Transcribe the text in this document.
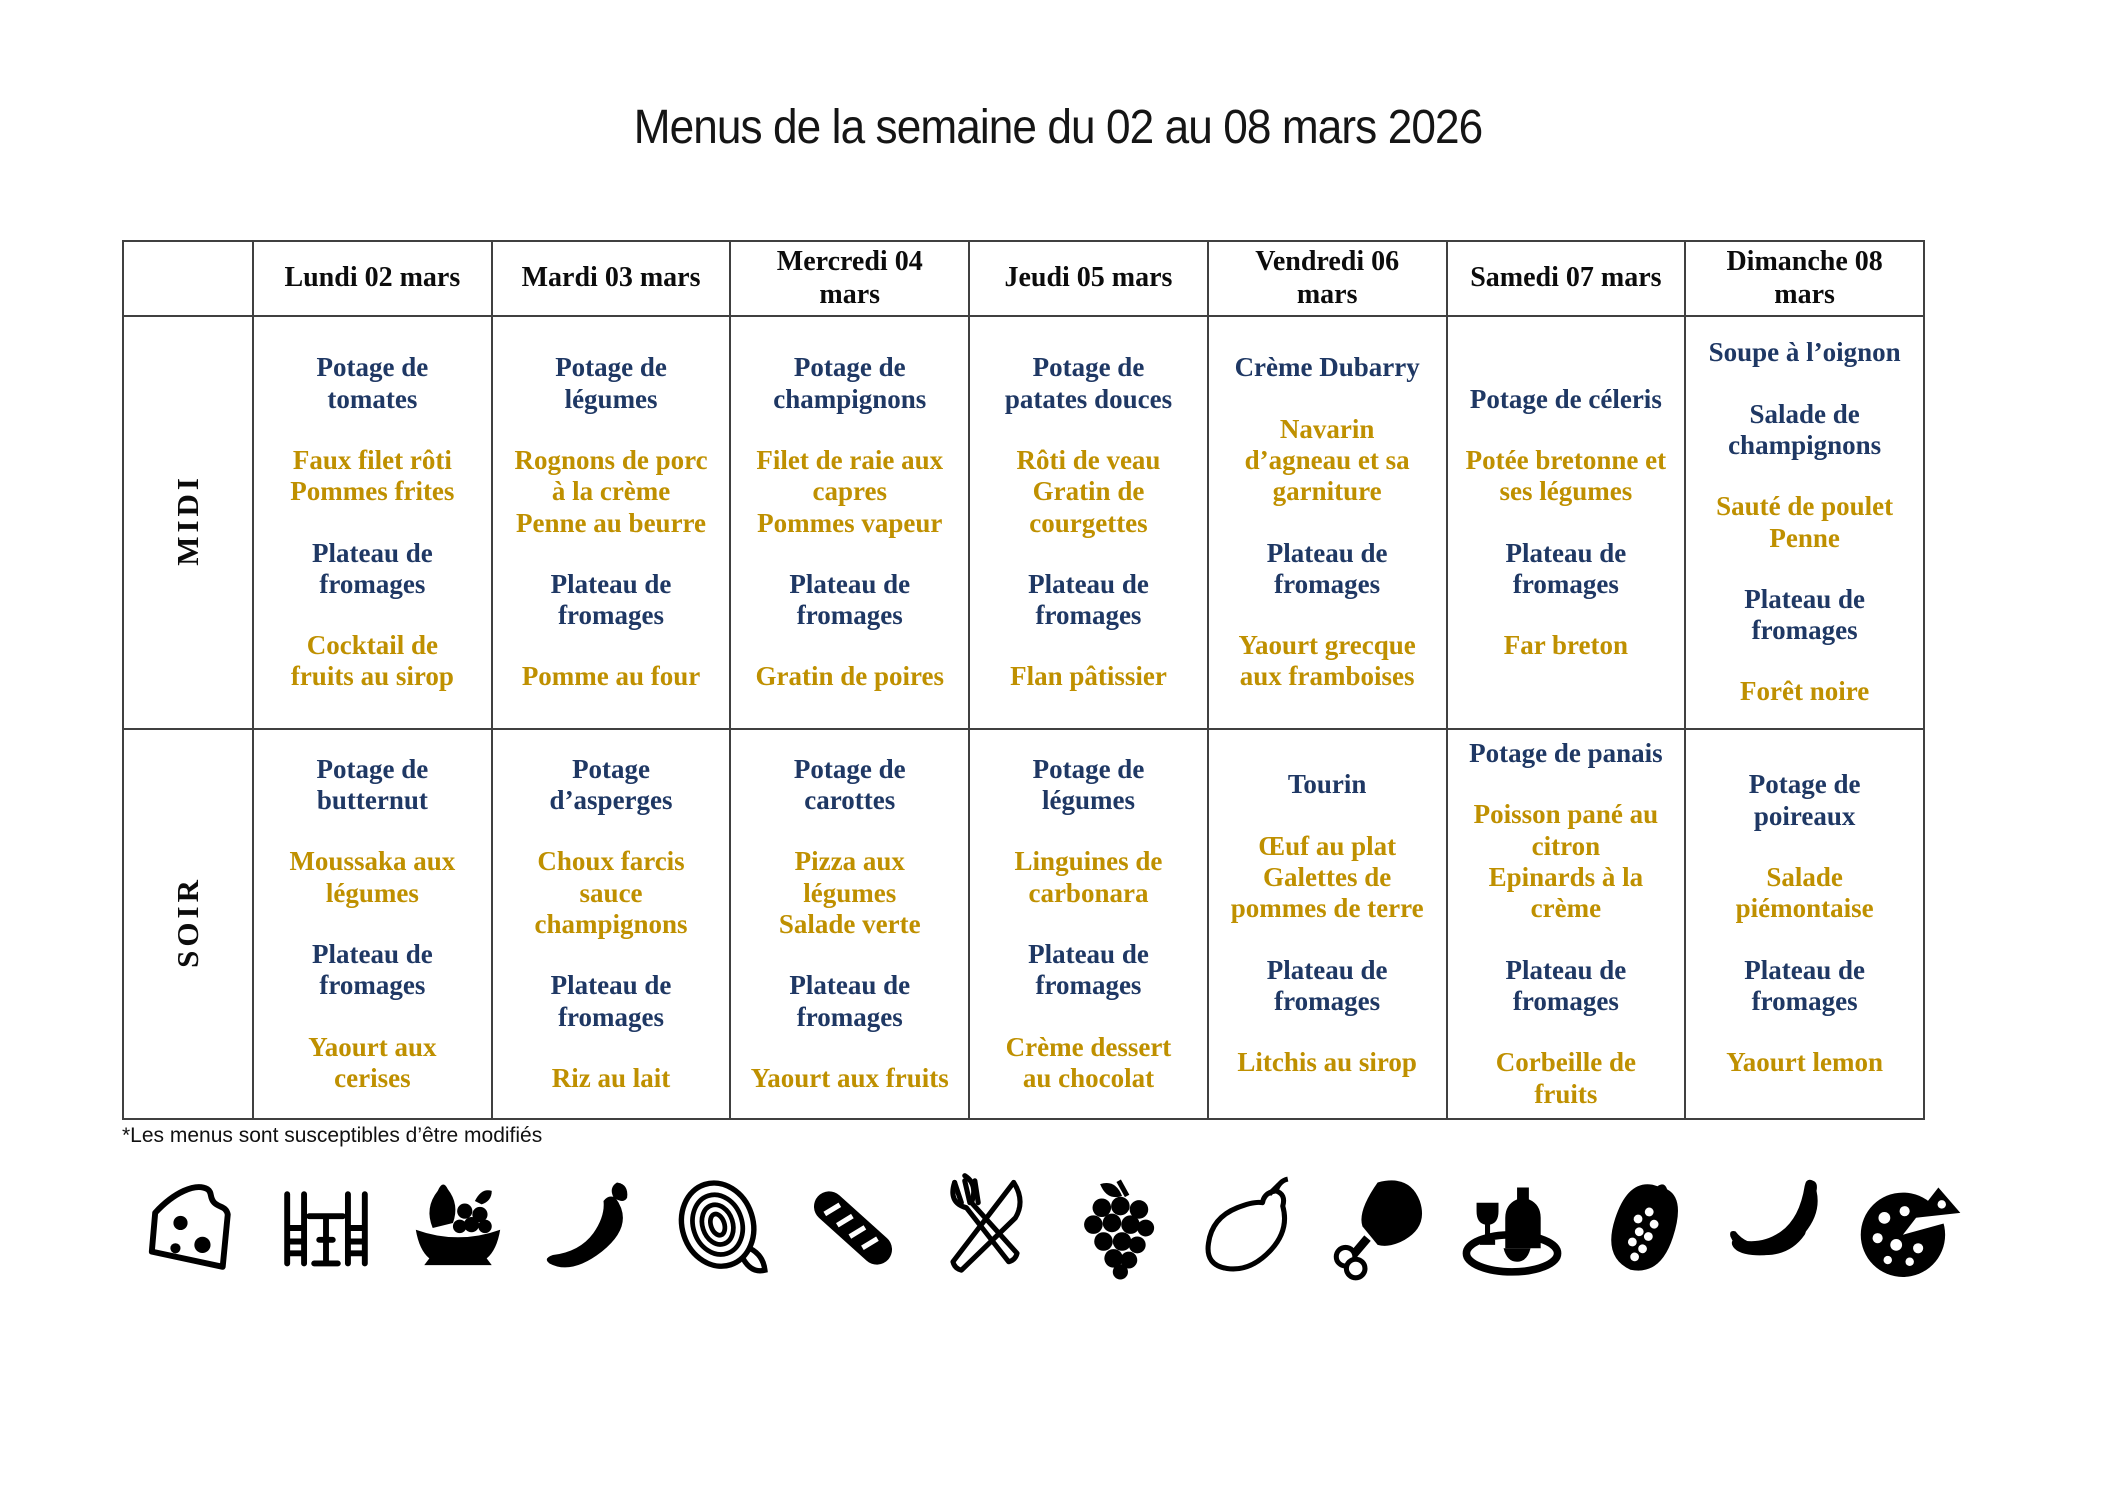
Menus de la semaine du 02 au 08 mars 2026
	Lundi 02 mars	Mardi 03 mars	Mercredi 04 mars	Jeudi 05 mars	Vendredi 06 mars	Samedi 07 mars	Dimanche 08 mars
MIDI	
Potage de tomates
Faux filet rôti
Pommes frites
Plateau de fromages
Cocktail de fruits au sirop

Potage de légumes
Rognons de porc à la crème
Penne au beurre
Plateau de fromages
Pomme au four

Potage de champignons
Filet de raie aux capres
Pommes vapeur
Plateau de fromages
Gratin de poires

Potage de patates douces
Rôti de veau
Gratin de courgettes
Plateau de fromages
Flan pâtissier

Crème Dubarry
Navarin d’agneau et sa garniture
Plateau de fromages
Yaourt grecque aux framboises

Potage de céleris
Potée bretonne et ses légumes
Plateau de fromages
Far breton

Soupe à l’oignon
Salade de champignons
Sauté de poulet
Penne
Plateau de fromages
Forêt noire

SOIR	
Potage de butternut
Moussaka aux légumes
Plateau de fromages
Yaourt aux cerises

Potage d’asperges
Choux farcis sauce champignons
Plateau de fromages
Riz au lait

Potage de carottes
Pizza aux légumes
Salade verte
Plateau de fromages
Yaourt aux fruits

Potage de légumes
Linguines de carbonara
Plateau de fromages
Crème dessert au chocolat

Tourin
Œuf au plat
Galettes de pommes de terre
Plateau de fromages
Litchis au sirop

Potage de panais
Poisson pané au citron
Epinards à la crème
Plateau de fromages
Corbeille de fruits

Potage de poireaux
Salade piémontaise
Plateau de fromages
Yaourt lemon
*Les menus sont susceptibles d’être modifiés
